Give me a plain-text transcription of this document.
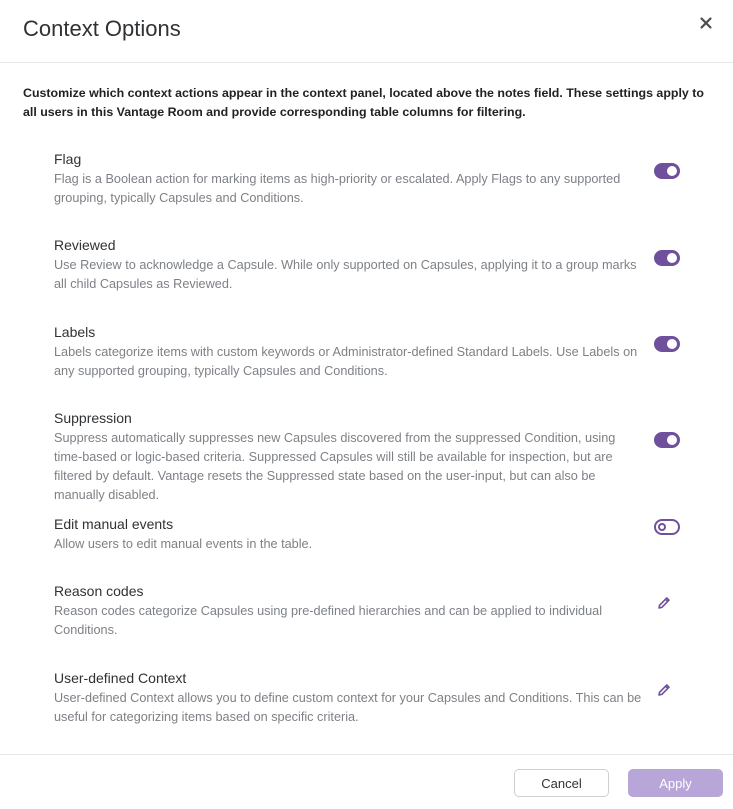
Context Options
Customize which context actions appear in the context panel, located above the notes field. These settings apply to all users in this Vantage Room and provide corresponding table columns for filtering.
Flag
Flag is a Boolean action for marking items as high-priority or escalated. Apply Flags to any supported grouping, typically Capsules and Conditions.
Reviewed
Use Review to acknowledge a Capsule. While only supported on Capsules, applying it to a group marks all child Capsules as Reviewed.
Labels
Labels categorize items with custom keywords or Administrator-defined Standard Labels. Use Labels on any supported grouping, typically Capsules and Conditions.
Suppression
Suppress automatically suppresses new Capsules discovered from the suppressed Condition, using time-based or logic-based criteria. Suppressed Capsules will still be available for inspection, but are filtered by default. Vantage resets the Suppressed state based on the user-input, but can also be manually disabled.
Edit manual events
Allow users to edit manual events in the table.
Reason codes
Reason codes categorize Capsules using pre-defined hierarchies and can be applied to individual Conditions.
User-defined Context
User-defined Context allows you to define custom context for your Capsules and Conditions. This can be useful for categorizing items based on specific criteria.
Cancel	Apply
